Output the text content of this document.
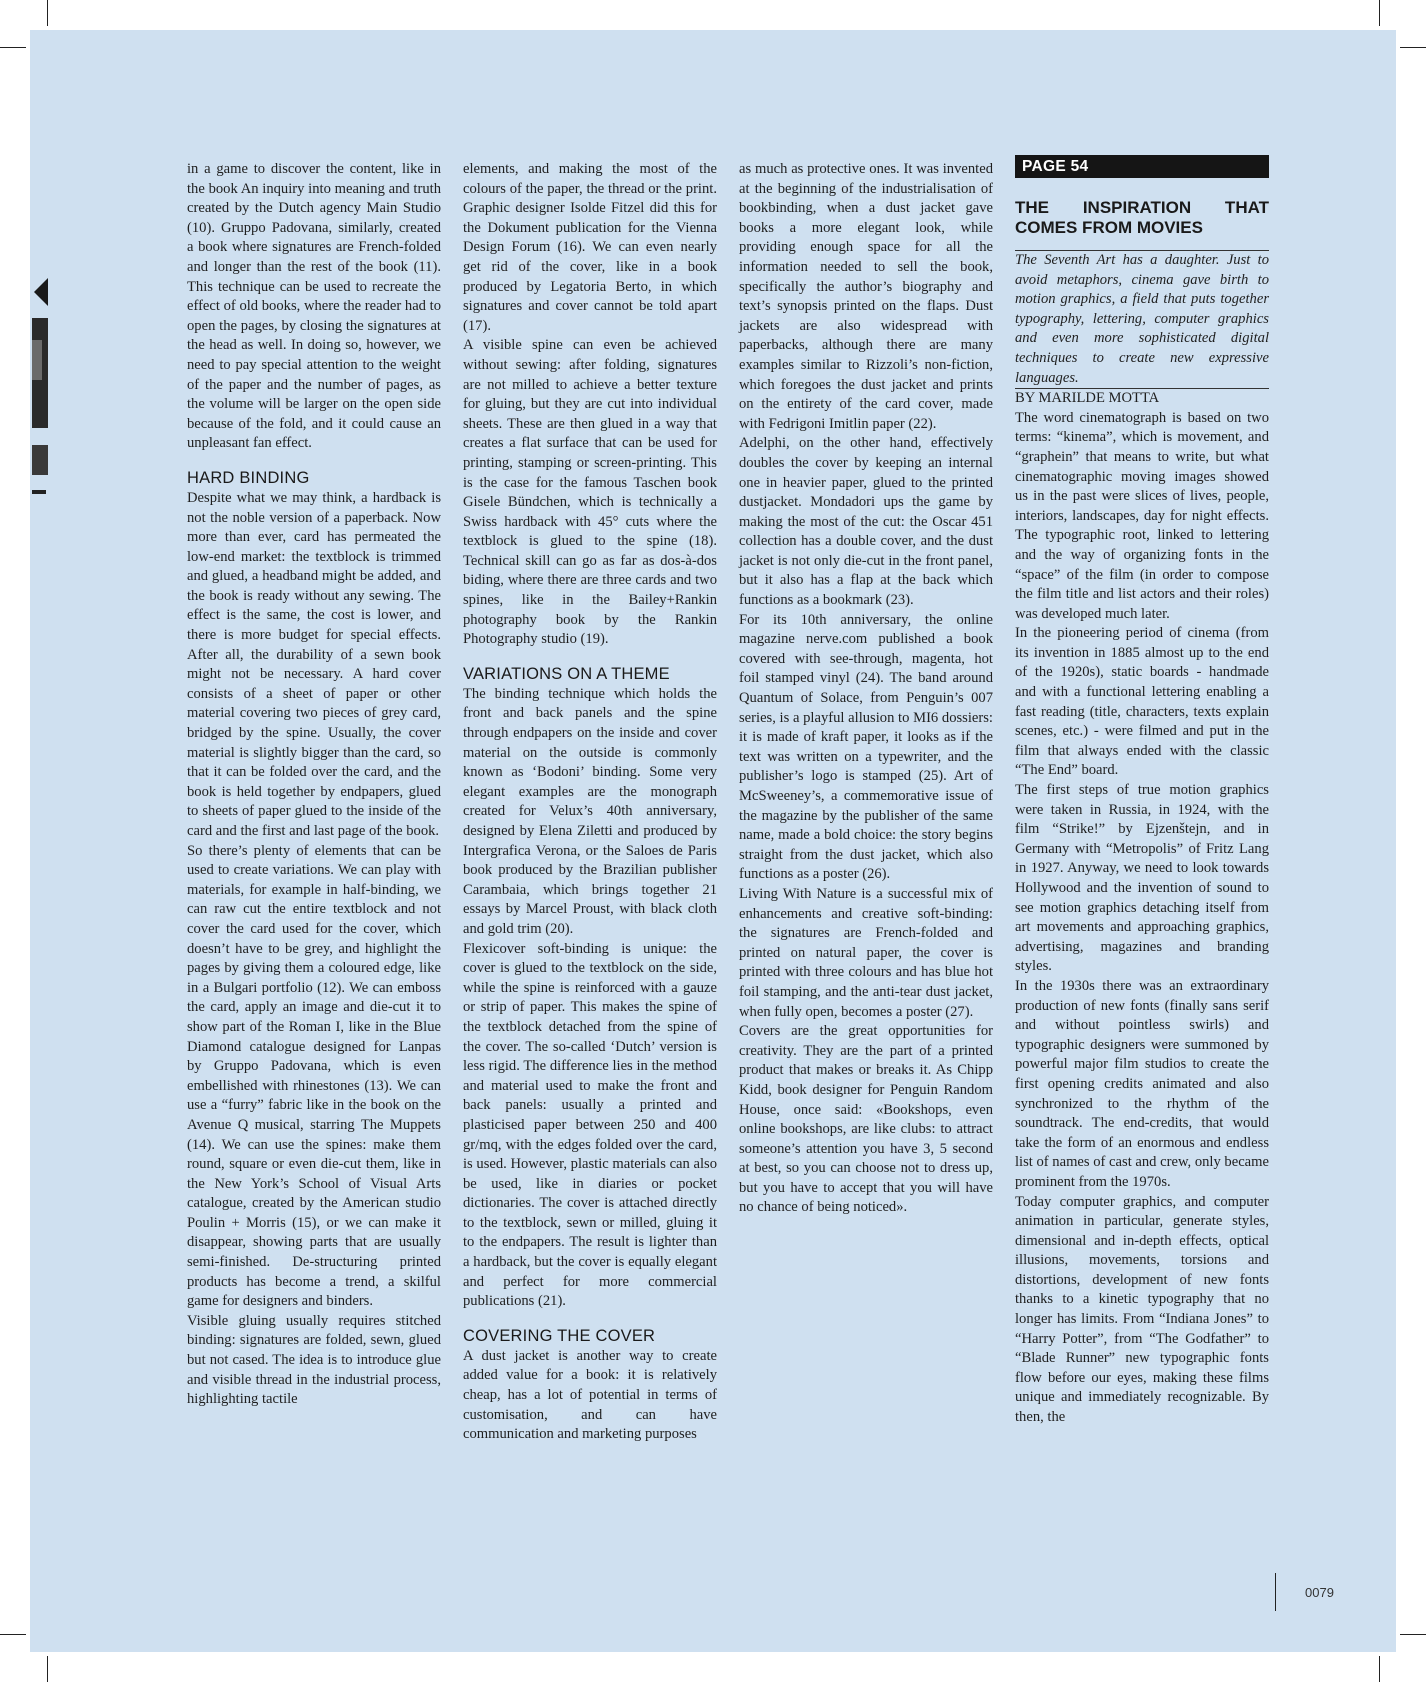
in a game to discover the content, like in the book An inquiry into meaning and truth created by the Dutch agency Main Studio (10). Gruppo Padovana, similarly, created a book where signatures are French-folded and longer than the rest of the book (11). This technique can be used to recreate the effect of old books, where the reader had to open the pages, by closing the signatures at the head as well. In doing so, however, we need to pay special attention to the weight of the paper and the number of pages, as the volume will be larger on the open side because of the fold, and it could cause an unpleasant fan effect.

HARD BINDING

Despite what we may think, a hardback is not the noble version of a paperback. Now more than ever, card has permeated the low-end market: the textblock is trimmed and glued, a headband might be added, and the book is ready without any sewing. The effect is the same, the cost is lower, and there is more budget for special effects. After all, the durability of a sewn book might not be necessary. A hard cover consists of a sheet of paper or other material covering two pieces of grey card, bridged by the spine. Usually, the cover material is slightly bigger than the card, so that it can be folded over the card, and the book is held together by endpapers, glued to sheets of paper glued to the inside of the card and the first and last page of the book.

So there’s plenty of elements that can be used to create variations. We can play with materials, for example in half-binding, we can raw cut the entire textblock and not cover the card used for the cover, which doesn’t have to be grey, and highlight the pages by giving them a coloured edge, like in a Bulgari portfolio (12). We can emboss the card, apply an image and die-cut it to show part of the Roman I, like in the Blue Diamond catalogue designed for Lanpas by Gruppo Padovana, which is even embellished with rhinestones (13). We can use a “furry” fabric like in the book on the Avenue Q musical, starring The Muppets (14). We can use the spines: make them round, square or even die-cut them, like in the New York’s School of Visual Arts catalogue, created by the American studio Poulin + Morris (15), or we can make it disappear, showing parts that are usually semi-finished. De-structuring printed products has become a trend, a skilful game for designers and binders.

Visible gluing usually requires stitched binding: signatures are folded, sewn, glued but not cased. The idea is to introduce glue and visible thread in the industrial process, highlighting tactile

elements, and making the most of the colours of the paper, the thread or the print. Graphic designer Isolde Fitzel did this for the Dokument publication for the Vienna Design Forum (16). We can even nearly get rid of the cover, like in a book produced by Legatoria Berto, in which signatures and cover cannot be told apart (17).

A visible spine can even be achieved without sewing: after folding, signatures are not milled to achieve a better texture for gluing, but they are cut into individual sheets. These are then glued in a way that creates a flat surface that can be used for printing, stamping or screen-printing. This is the case for the famous Taschen book Gisele Bündchen, which is technically a Swiss hardback with 45° cuts where the textblock is glued to the spine (18). Technical skill can go as far as dos-à-dos biding, where there are three cards and two spines, like in the Bailey+Rankin photography book by the Rankin Photography studio (19).

VARIATIONS ON A THEME

The binding technique which holds the front and back panels and the spine through endpapers on the inside and cover material on the outside is commonly known as ‘Bodoni’ binding. Some very elegant examples are the monograph created for Velux’s 40th anniversary, designed by Elena Ziletti and produced by Intergrafica Verona, or the Saloes de Paris book produced by the Brazilian publisher Carambaia, which brings together 21 essays by Marcel Proust, with black cloth and gold trim (20).

Flexicover soft-binding is unique: the cover is glued to the textblock on the side, while the spine is reinforced with a gauze or strip of paper. This makes the spine of the textblock detached from the spine of the cover. The so-called ‘Dutch’ version is less rigid. The difference lies in the method and material used to make the front and back panels: usually a printed and plasticised paper between 250 and 400 gr/mq, with the edges folded over the card, is used. However, plastic materials can also be used, like in diaries or pocket dictionaries. The cover is attached directly to the textblock, sewn or milled, gluing it to the endpapers. The result is lighter than a hardback, but the cover is equally elegant and perfect for more commercial publications (21).

COVERING THE COVER

A dust jacket is another way to create added value for a book: it is relatively cheap, has a lot of potential in terms of customisation, and can have communication and marketing purposes

as much as protective ones. It was invented at the beginning of the industrialisation of bookbinding, when a dust jacket gave books a more elegant look, while providing enough space for all the information needed to sell the book, specifically the author’s biography and text’s synopsis printed on the flaps. Dust jackets are also widespread with paperbacks, although there are many examples similar to Rizzoli’s non-fiction, which foregoes the dust jacket and prints on the entirety of the card cover, made with Fedrigoni Imitlin paper (22).

Adelphi, on the other hand, effectively doubles the cover by keeping an internal one in heavier paper, glued to the printed dustjacket. Mondadori ups the game by making the most of the cut: the Oscar 451 collection has a double cover, and the dust jacket is not only die-cut in the front panel, but it also has a flap at the back which functions as a bookmark (23).

For its 10th anniversary, the online magazine nerve.com published a book covered with see-through, magenta, hot foil stamped vinyl (24). The band around Quantum of Solace, from Penguin’s 007 series, is a playful allusion to MI6 dossiers: it is made of kraft paper, it looks as if the text was written on a typewriter, and the publisher’s logo is stamped (25). Art of McSweeney’s, a commemorative issue of the magazine by the publisher of the same name, made a bold choice: the story begins straight from the dust jacket, which also functions as a poster (26).

Living With Nature is a successful mix of enhancements and creative soft-binding: the signatures are French-folded and printed on natural paper, the cover is printed with three colours and has blue hot foil stamping, and the anti-tear dust jacket, when fully open, becomes a poster (27).

Covers are the great opportunities for creativity. They are the part of a printed product that makes or breaks it. As Chipp Kidd, book designer for Penguin Random House, once said: «Bookshops, even online bookshops, are like clubs: to attract someone’s attention you have 3, 5 second at best, so you can choose not to dress up, but you have to accept that you will have no chance of being noticed».

PAGE 54
THE INSPIRATION THAT COMES FROM MOVIES

The Seventh Art has a daughter. Just to avoid metaphors, cinema gave birth to motion graphics, a field that puts together typography, lettering, computer graphics and even more sophisticated digital techniques to create new expressive languages.

BY MARILDE MOTTA

The word cinematograph is based on two terms: “kinema”, which is movement, and “graphein” that means to write, but what cinematographic moving images showed us in the past were slices of lives, people, interiors, landscapes, day for night effects. The typographic root, linked to lettering and the way of organizing fonts in the “space” of the film (in order to compose the film title and list actors and their roles) was developed much later.

In the pioneering period of cinema (from its invention in 1885 almost up to the end of the 1920s), static boards - handmade and with a functional lettering enabling a fast reading (title, characters, texts explain scenes, etc.) - were filmed and put in the film that always ended with the classic “The End” board.

The first steps of true motion graphics were taken in Russia, in 1924, with the film “Strike!” by Ejzenštejn, and in Germany with “Metropolis” of Fritz Lang in 1927. Anyway, we need to look towards Hollywood and the invention of sound to see motion graphics detaching itself from art movements and approaching graphics, advertising, magazines and branding styles.

In the 1930s there was an extraordinary production of new fonts (finally sans serif and without pointless swirls) and typographic designers were summoned by powerful major film studios to create the first opening credits animated and also synchronized to the rhythm of the soundtrack. The end-credits, that would take the form of an enormous and endless list of names of cast and crew, only became prominent from the 1970s.

Today computer graphics, and computer animation in particular, generate styles, dimensional and in-depth effects, optical illusions, movements, torsions and distortions, development of new fonts thanks to a kinetic typography that no longer has limits. From “Indiana Jones” to “Harry Potter”, from “The Godfather” to “Blade Runner” new typographic fonts flow before our eyes, making these films unique and immediately recognizable. By then, the

0079
